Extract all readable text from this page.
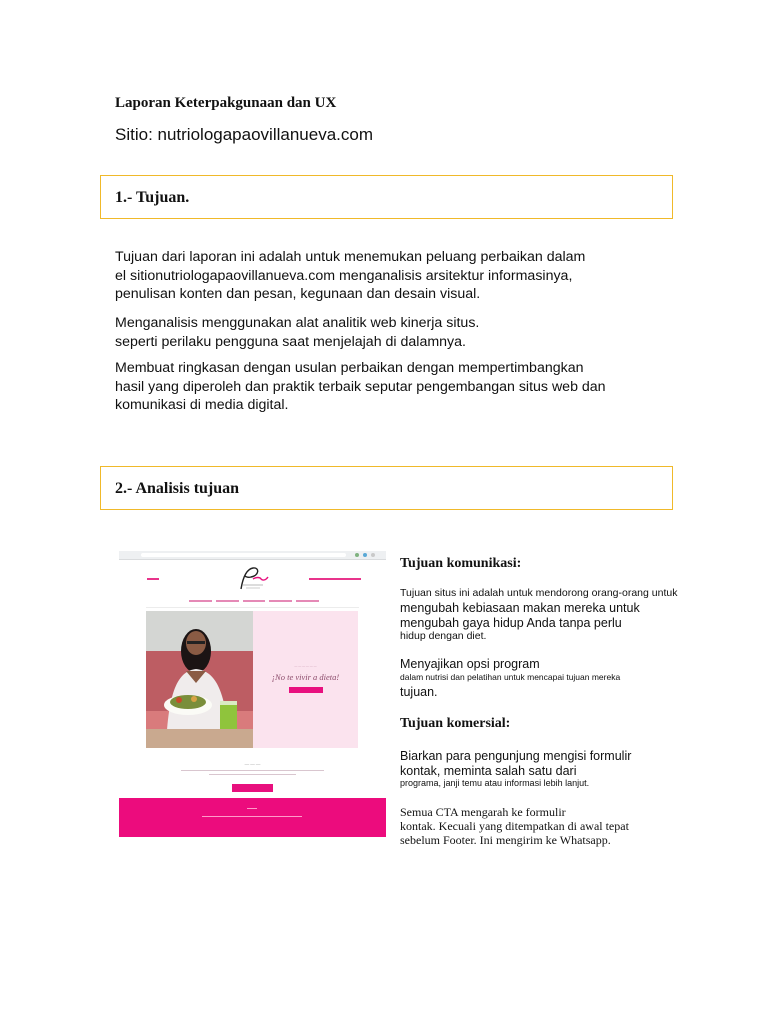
Laporan Keterpakgunaan dan UX
Sitio: nutriologapaovillanueva.com
1.- Tujuan.
Tujuan dari laporan ini adalah untuk menemukan peluang perbaikan dalam
el sitionutriologapaovillanueva.com menganalisis arsitektur informasinya,
penulisan konten dan pesan, kegunaan dan desain visual.
Menganalisis menggunakan alat analitik web kinerja situs.
seperti perilaku pengguna saat menjelajah di dalamnya.
Membuat ringkasan dengan usulan perbaikan dengan mempertimbangkan
hasil yang diperoleh dan praktik terbaik seputar pengembangan situs web dan
komunikasi di media digital.
2.- Analisis tujuan
— — — — — —
¡No te vivir a dieta!
— — —
Tujuan komunikasi:
Tujuan situs ini adalah untuk mendorong orang-orang untuk
mengubah kebiasaan makan mereka untuk
mengubah gaya hidup Anda tanpa perlu
hidup dengan diet.
Menyajikan opsi program
dalam nutrisi dan pelatihan untuk mencapai tujuan mereka
tujuan.
Tujuan komersial:
Biarkan para pengunjung mengisi formulir
kontak, meminta salah satu dari
programa, janji temu atau informasi lebih lanjut.
Semua CTA mengarah ke formulir
kontak. Kecuali yang ditempatkan di awal tepat
sebelum Footer. Ini mengirim ke Whatsapp.
